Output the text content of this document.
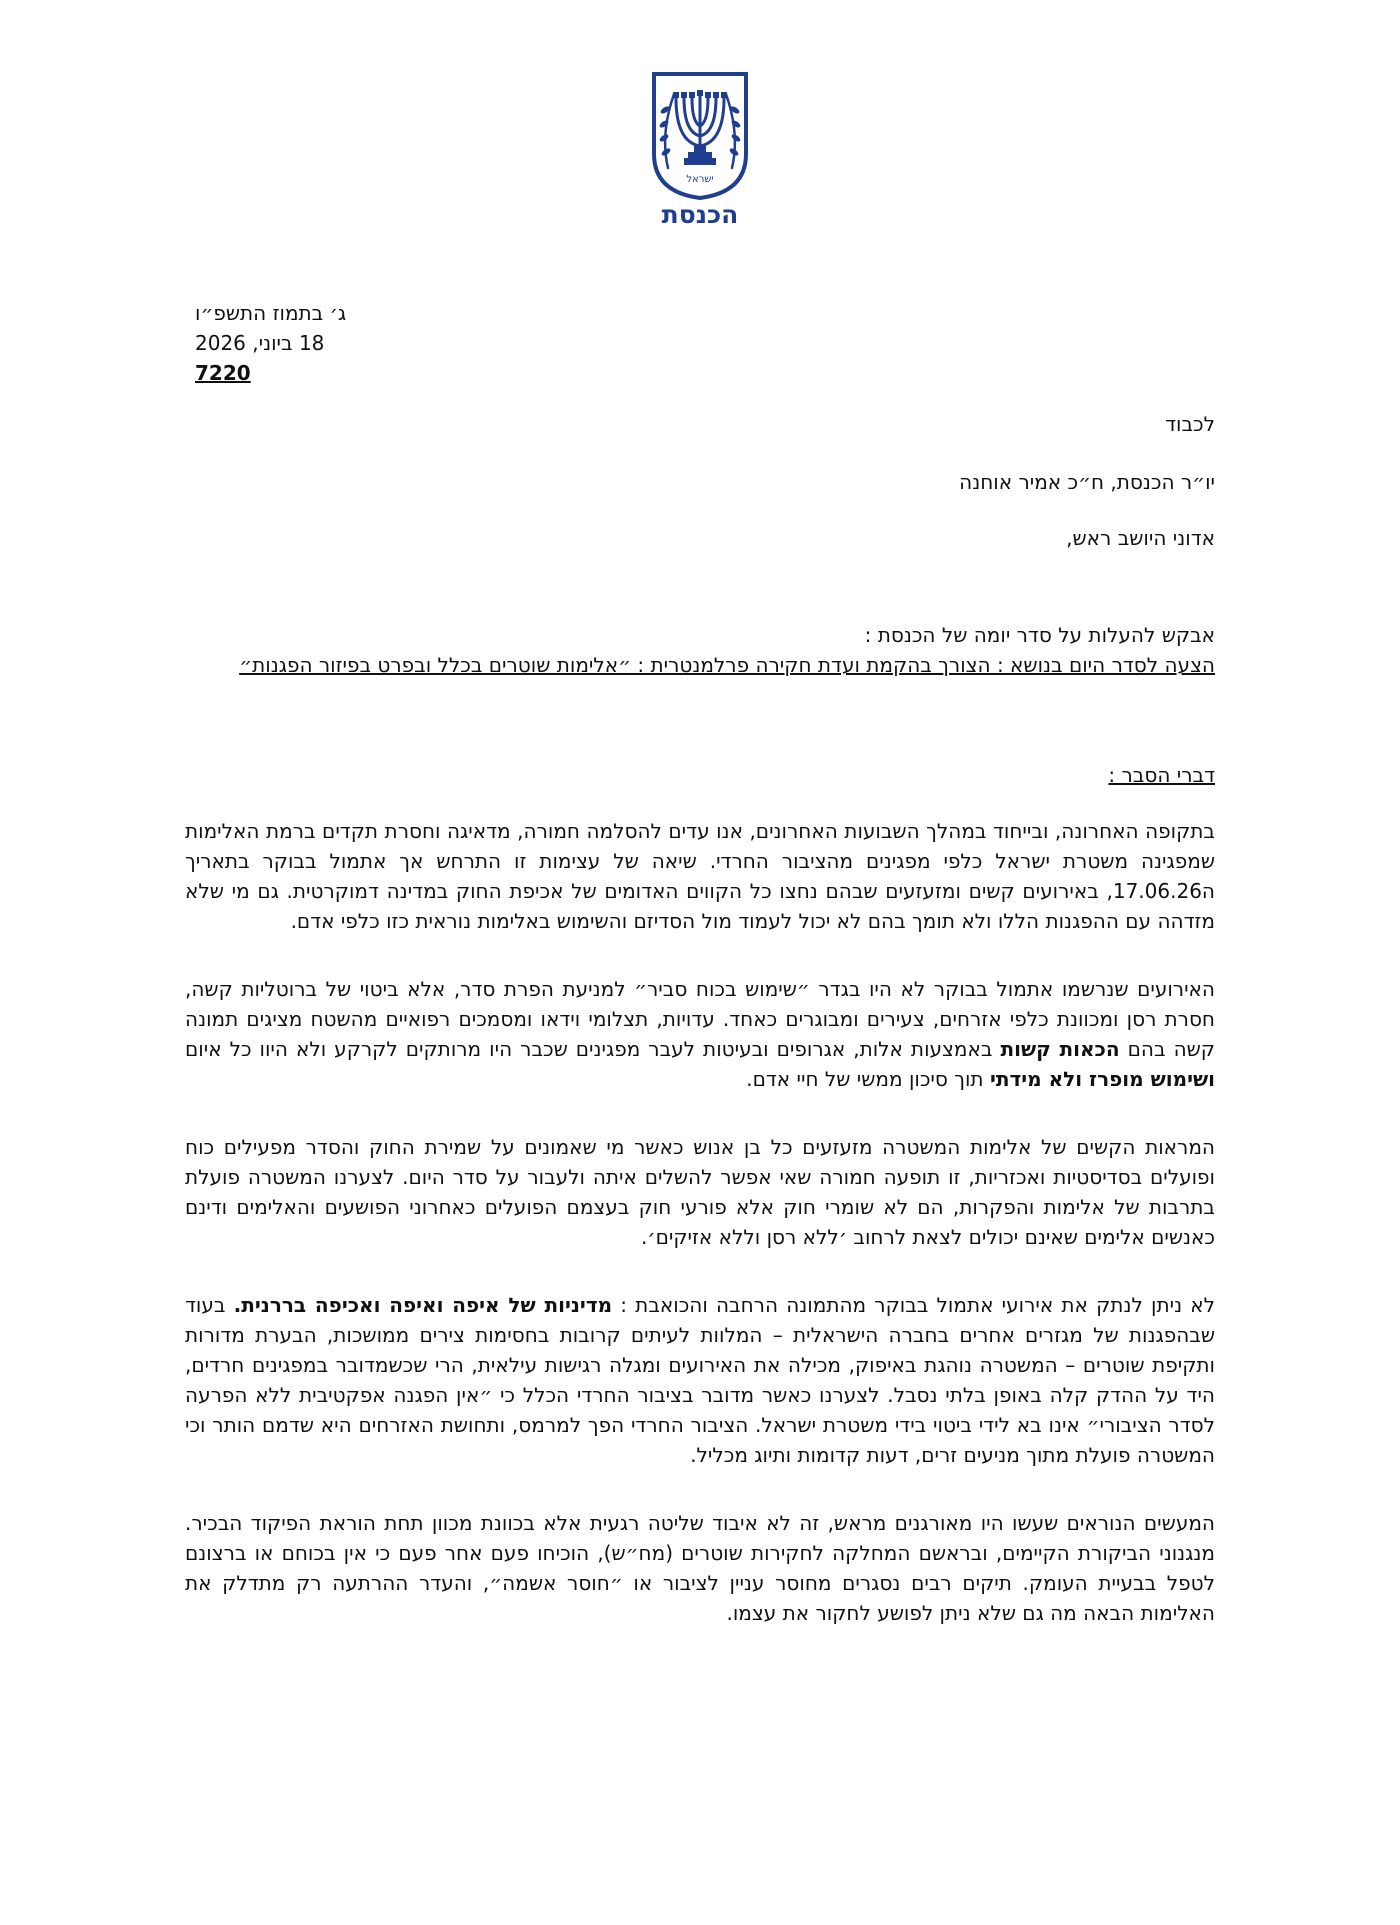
ישראל
הכנסת
ג׳ בתמוז התשפ״ו
18 ביוני, 2026
7220
לכבוד
יו״ר הכנסת, ח״כ אמיר אוחנה
אדוני היושב ראש,
אבקש להעלות על סדר יומה של הכנסת :
הצעה לסדר היום בנושא : הצורך בהקמת ועדת חקירה פרלמנטרית : ״אלימות שוטרים בכלל ובפרט בפיזור הפגנות״
דברי הסבר :

בתקופה האחרונה, ובייחוד במהלך השבועות האחרונים, אנו עדים להסלמה חמורה, מדאיגה וחסרת תקדים ברמת האלימות שמפגינה משטרת ישראל כלפי מפגינים מהציבור החרדי. שיאה של עצימות זו התרחש אך אתמול בבוקר בתאריך ה17.06.26, באירועים קשים ומזעזעים שבהם נחצו כל הקווים האדומים של אכיפת החוק במדינה דמוקרטית. גם מי שלא מזדהה עם ההפגנות הללו ולא תומך בהם לא יכול לעמוד מול הסדיזם והשימוש באלימות נוראית כזו כלפי אדם.

האירועים שנרשמו אתמול בבוקר לא היו בגדר ״שימוש בכוח סביר״ למניעת הפרת סדר, אלא ביטוי של ברוטליות קשה, חסרת רסן ומכוונת כלפי אזרחים, צעירים ומבוגרים כאחד. עדויות, תצלומי וידאו ומסמכים רפואיים מהשטח מציגים תמונה קשה בהם הכאות קשות באמצעות אלות, אגרופים ובעיטות לעבר מפגינים שכבר היו מרותקים לקרקע ולא היוו כל איום ושימוש מופרז ולא מידתי תוך סיכון ממשי של חיי אדם.

המראות הקשים של אלימות המשטרה מזעזעים כל בן אנוש כאשר מי שאמונים על שמירת החוק והסדר מפעילים כוח ופועלים בסדיסטיות ואכזריות, זו תופעה חמורה שאי אפשר להשלים איתה ולעבור על סדר היום. לצערנו המשטרה פועלת בתרבות של אלימות והפקרות, הם לא שומרי חוק אלא פורעי חוק בעצמם הפועלים כאחרוני הפושעים והאלימים ודינם כאנשים אלימים שאינם יכולים לצאת לרחוב ׳ללא רסן וללא אזיקים׳.

לא ניתן לנתק את אירועי אתמול בבוקר מהתמונה הרחבה והכואבת : מדיניות של איפה ואיפה ואכיפה בררנית. בעוד שבהפגנות של מגזרים אחרים בחברה הישראלית – המלוות לעיתים קרובות בחסימות צירים ממושכות, הבערת מדורות ותקיפת שוטרים – המשטרה נוהגת באיפוק, מכילה את האירועים ומגלה רגישות עילאית, הרי שכשמדובר במפגינים חרדים, היד על ההדק קלה באופן בלתי נסבל. לצערנו כאשר מדובר בציבור החרדי הכלל כי ״אין הפגנה אפקטיבית ללא הפרעה לסדר הציבורי״ אינו בא לידי ביטוי בידי משטרת ישראל. הציבור החרדי הפך למרמס, ותחושת האזרחים היא שדמם הותר וכי המשטרה פועלת מתוך מניעים זרים, דעות קדומות ותיוג מכליל.

המעשים הנוראים שעשו היו מאורגנים מראש, זה לא איבוד שליטה רגעית אלא בכוונת מכוון תחת הוראת הפיקוד הבכיר. מנגנוני הביקורת הקיימים, ובראשם המחלקה לחקירות שוטרים (מח״ש), הוכיחו פעם אחר פעם כי אין בכוחם או ברצונם לטפל בבעיית העומק. תיקים רבים נסגרים מחוסר עניין לציבור או ״חוסר אשמה״, והעדר ההרתעה רק מתדלק את האלימות הבאה מה גם שלא ניתן לפושע לחקור את עצמו.
